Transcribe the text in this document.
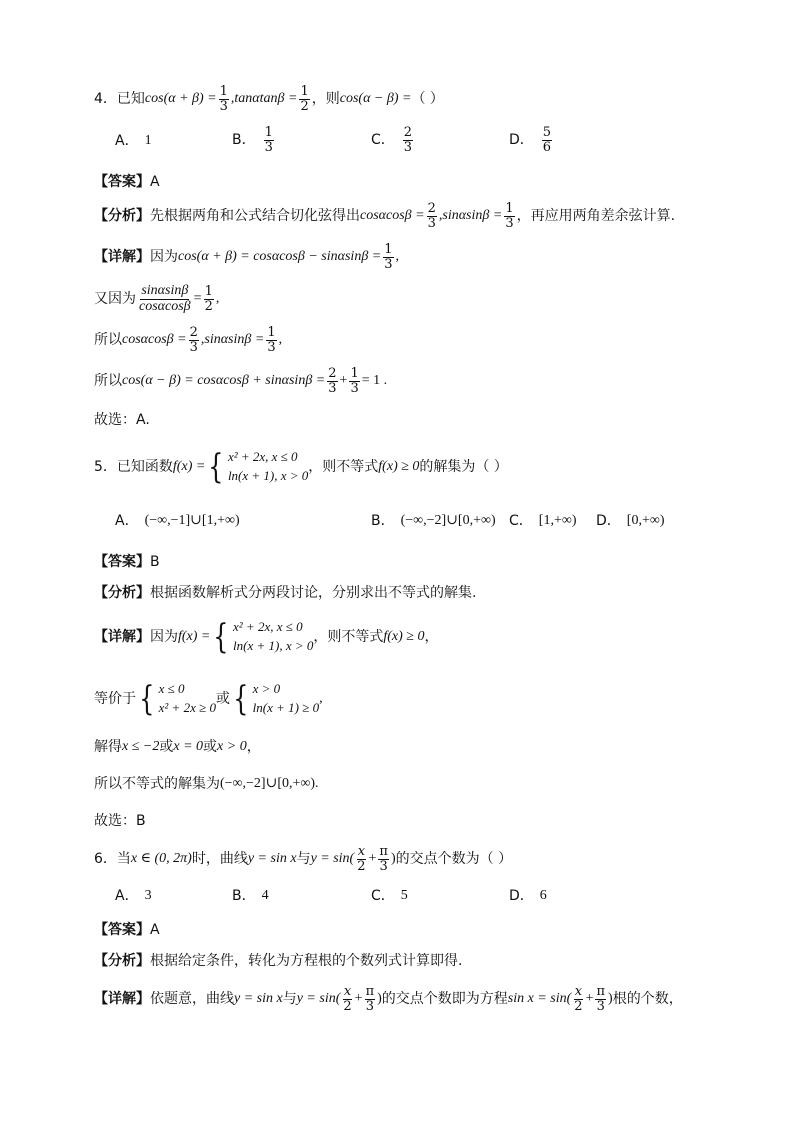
4． 已知 $\cos(\alpha + \beta) = \frac{1}{3} ,\tan\alpha\tan\beta = \frac{1}{2}$ ，则 cos(α − β) = （ ）
A． 1	B． $\frac{1}{3}$	C． $\frac{2}{3}$	D． $\frac{5}{6}$
【答案】 A
【分析】 先根据两角和公式结合切化弦得出 $\cos\alpha\cos\beta = \frac{2}{3} ,\sin\alpha\sin\beta = \frac{1}{3}$ ，再应用两角差余弦计算.
【详解】 因为 $\cos(\alpha + \beta) = \cos\alpha\cos\beta - \sin\alpha\sin\beta = \frac{1}{3}$ ,
又因为 $\frac{\sin\alpha\sin\beta}{\cos\alpha\cos\beta} = \frac{1}{2}$ ,
所以 $\cos\alpha\cos\beta = \frac{2}{3} ,\sin\alpha\sin\beta = \frac{1}{3}$ ,
所以 $\cos(\alpha - \beta) = \cos\alpha\cos\beta + \sin\alpha\sin\beta = \frac{2}{3} + \frac{1}{3} = 1$ .
故选：A.
5． 已知函数 f(x) = { x² + 2x, x ≤ 0
ln(x + 1), x > 0
，则不等式 f(x) ≥ 0 的解集为（ ）
A． (−∞,−1]∪[1,+∞)	B． (−∞,−2]∪[0,+∞) C． [1,+∞) D． [0,+∞)
【答案】 B
【分析】 根据函数解析式分两段讨论，分别求出不等式的解集.
【详解】 因为 f(x) = { x² + 2x, x ≤ 0
ln(x + 1), x > 0
，则不等式 f(x) ≥ 0 ，
等价于 { x ≤ 0
x² + 2x ≥ 0
或 { x > 0
ln(x + 1) ≥ 0
,
解得 x ≤ −2 或 x = 0 或 x > 0 ，
所以不等式的解集为 (−∞,−2]∪[0,+∞).
故选：B
6． 当 x ∈ (0, 2π) 时，曲线 y = sin x 与 $y = \sin( \frac{x}{2} + \frac{\pi}{3}$ ) 的交点个数为（ ）
A． 3	B． 4	C． 5	D． 6
【答案】 A
【分析】 根据给定条件，转化为方程根的个数列式计算即得.
【详解】 依题意，曲线 y = sin x 与 $y = \sin( \frac{x}{2} + \frac{\pi}{3}$ ) 的交点个数即为方程 $\sin x = \sin( \frac{x}{2} + \frac{\pi}{3}$ ) 根的个数，
